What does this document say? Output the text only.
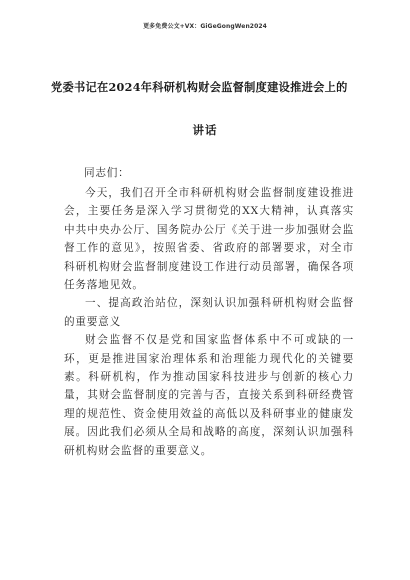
更多免费公文+VX：GiGeGongWen2024
党委书记在2024年科研机构财会监督制度建设推进会上的
讲话
同志们：

今天，我们召开全市科研机构财会监督制度建设推进会，主要任务是深入学习贯彻党的XX大精神，认真落实中共中央办公厅、国务院办公厅《关于进一步加强财会监督工作的意见》，按照省委、省政府的部署要求，对全市科研机构财会监督制度建设工作进行动员部署，确保各项任务落地见效。

一、提高政治站位，深刻认识加强科研机构财会监督的重要意义

财会监督不仅是党和国家监督体系中不可或缺的一环，更是推进国家治理体系和治理能力现代化的关键要素。科研机构，作为推动国家科技进步与创新的核心力量，其财会监督制度的完善与否，直接关系到科研经费管理的规范性、资金使用效益的高低以及科研事业的健康发展。因此我们必须从全局和战略的高度，深刻认识加强科研机构财会监督的重要意义。
